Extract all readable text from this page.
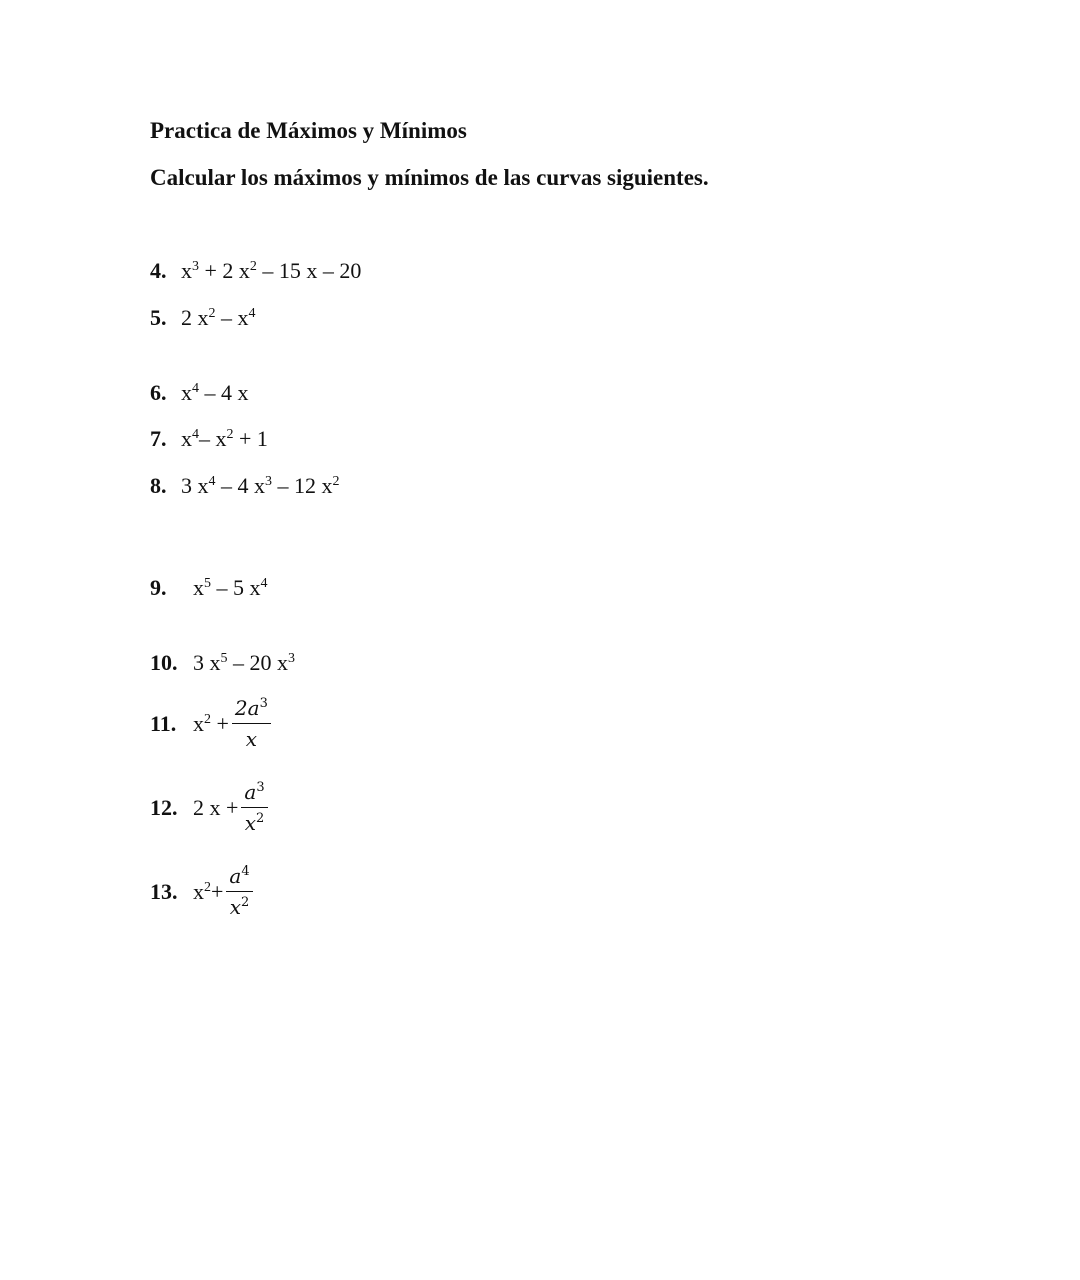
Practica de Máximos y Mínimos
Calcular los máximos y mínimos de las curvas siguientes.
4. $x^3 + 2$ $x^2 - 15$ x – 20
5. 2 $x^2 - x^4$
6. $x^4 - 4$ x
7. $x^4-$ $x^2 + 1$
8. 3 $x^4 - 4$ $x^3 - 12$ $x^2$
9.	$x^5 - 5$ $x^4$
10. 3 $x^5 - 20$ $x^3$
11. $x^2 + \frac{2a^3}{x}$
12. 2 $x + \frac{a^3}{x^2}$
13. $x^2+ \frac{a^4}{x^2}$
